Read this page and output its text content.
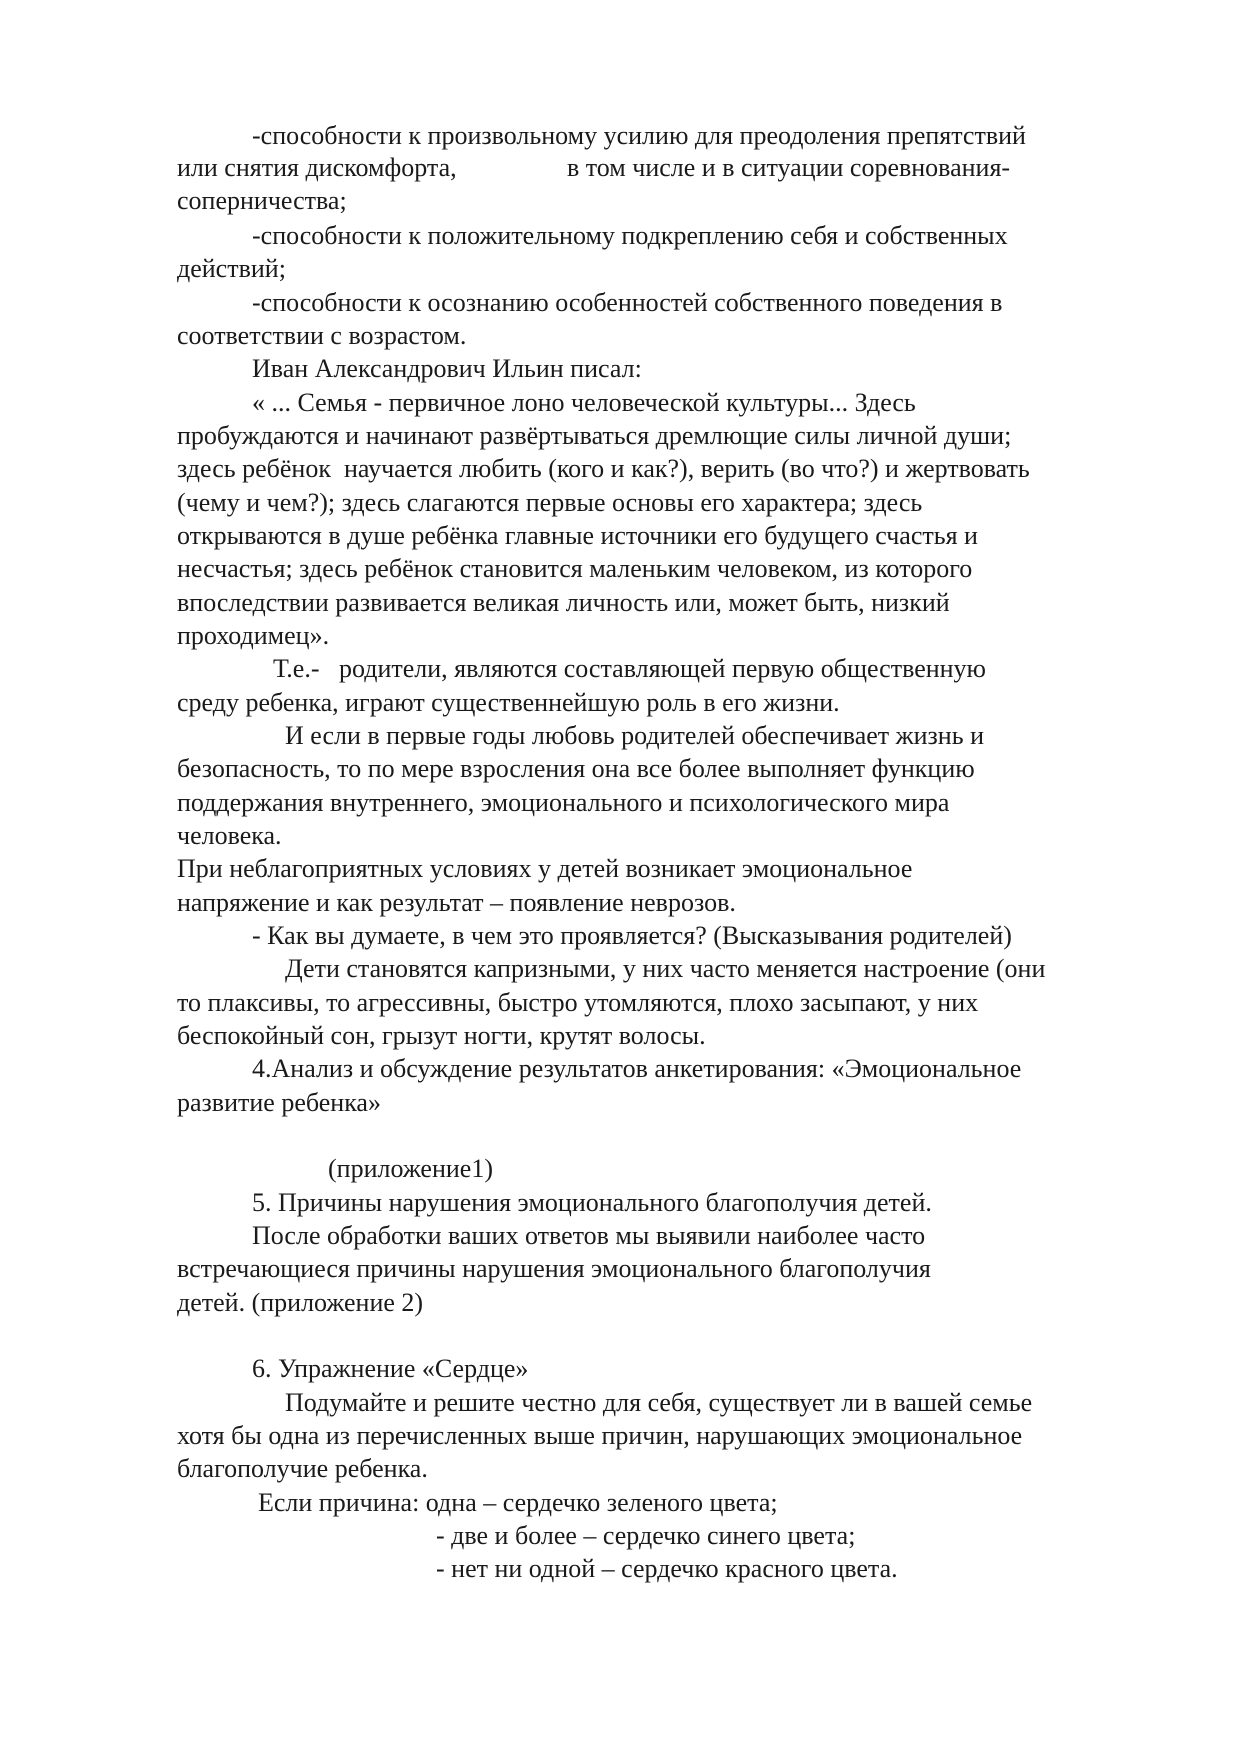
-способности к произвольному усилию для преодоления препятствий
или снятия дискомфорта,	в том числе и в ситуации соревнования-
соперничества;
-способности к положительному подкреплению себя и собственных
действий;
-способности к осознанию особенностей собственного поведения в
соответствии с возрастом.
Иван Александрович Ильин писал:
« ... Семья - первичное лоно человеческой культуры... Здесь
пробуждаются и начинают развёртываться дремлющие силы личной души;
здесь ребёнок  научается любить (кого и как?), верить (во что?) и жертвовать
(чему и чем?); здесь слагаются первые основы его характера; здесь
открываются в душе ребёнка главные источники его будущего счастья и
несчастья; здесь ребёнок становится маленьким человеком, из которого
впоследствии развивается великая личность или, может быть, низкий
проходимец».
Т.е.-   родители, являются составляющей первую общественную
среду ребенка, играют существеннейшую роль в его жизни.
И если в первые годы любовь родителей обеспечивает жизнь и
безопасность, то по мере взросления она все более выполняет функцию
поддержания внутреннего, эмоционального и психологического мира
человека.
При неблагоприятных условиях у детей возникает эмоциональное
напряжение и как результат – появление неврозов.
- Как вы думаете, в чем это проявляется? (Высказывания родителей)
Дети становятся капризными, у них часто меняется настроение (они
то плаксивы, то агрессивны, быстро утомляются, плохо засыпают, у них
беспокойный сон, грызут ногти, крутят волосы.
4.Анализ и обсуждение результатов анкетирования: «Эмоциональное
развитие ребенка»
(приложение1)
5. Причины нарушения эмоционального благополучия детей.
После обработки ваших ответов мы выявили наиболее часто
встречающиеся причины нарушения эмоционального благополучия
детей. (приложение 2)
6. Упражнение «Сердце»
Подумайте и решите честно для себя, существует ли в вашей семье
хотя бы одна из перечисленных выше причин, нарушающих эмоциональное
благополучие ребенка.
Если причина: одна – сердечко зеленого цвета;
- две и более – сердечко синего цвета;
- нет ни одной – сердечко красного цвета.
